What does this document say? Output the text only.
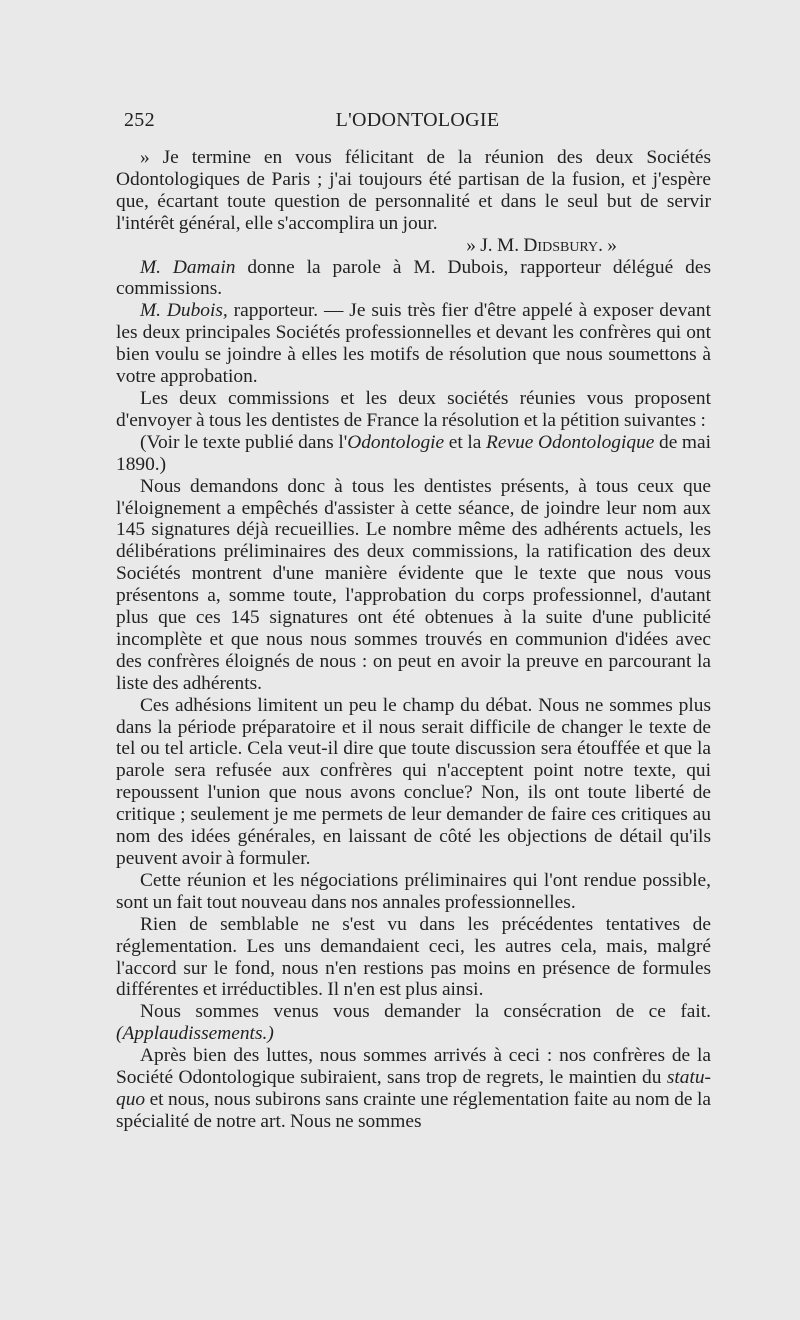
252	L'ODONTOLOGIE

» Je termine en vous félicitant de la réunion des deux Sociétés Odontologiques de Paris ; j'ai toujours été partisan de la fusion, et j'espère que, écartant toute question de personnalité et dans le seul but de servir l'intérêt général, elle s'accomplira un jour.

» J. M. Didsbury. »

M. Damain donne la parole à M. Dubois, rapporteur délégué des commissions.

M. Dubois, rapporteur. — Je suis très fier d'être appelé à exposer devant les deux principales Sociétés professionnelles et devant les confrères qui ont bien voulu se joindre à elles les motifs de résolution que nous soumettons à votre approbation.

Les deux commissions et les deux sociétés réunies vous proposent d'envoyer à tous les dentistes de France la résolution et la pétition suivantes :

(Voir le texte publié dans l'Odontologie et la Revue Odontologique de mai 1890.)

Nous demandons donc à tous les dentistes présents, à tous ceux que l'éloignement a empêchés d'assister à cette séance, de joindre leur nom aux 145 signatures déjà recueillies. Le nombre même des adhérents actuels, les délibérations préliminaires des deux commissions, la ratification des deux Sociétés montrent d'une manière évidente que le texte que nous vous présentons a, somme toute, l'approbation du corps professionnel, d'autant plus que ces 145 signatures ont été obtenues à la suite d'une publicité incomplète et que nous nous sommes trouvés en communion d'idées avec des confrères éloignés de nous : on peut en avoir la preuve en parcourant la liste des adhérents.

Ces adhésions limitent un peu le champ du débat. Nous ne sommes plus dans la période préparatoire et il nous serait difficile de changer le texte de tel ou tel article. Cela veut-il dire que toute discussion sera étouffée et que la parole sera refusée aux confrères qui n'acceptent point notre texte, qui repoussent l'union que nous avons conclue? Non, ils ont toute liberté de critique ; seulement je me permets de leur demander de faire ces critiques au nom des idées générales, en laissant de côté les objections de détail qu'ils peuvent avoir à formuler.

Cette réunion et les négociations préliminaires qui l'ont rendue possible, sont un fait tout nouveau dans nos annales professionnelles.

Rien de semblable ne s'est vu dans les précédentes tentatives de réglementation. Les uns demandaient ceci, les autres cela, mais, malgré l'accord sur le fond, nous n'en restions pas moins en présence de formules différentes et irréductibles. Il n'en est plus ainsi.

Nous sommes venus vous demander la consécration de ce fait. (Applaudissements.)

Après bien des luttes, nous sommes arrivés à ceci : nos confrères de la Société Odontologique subiraient, sans trop de regrets, le maintien du statu-quo et nous, nous subirons sans crainte une réglementation faite au nom de la spécialité de notre art. Nous ne sommes
